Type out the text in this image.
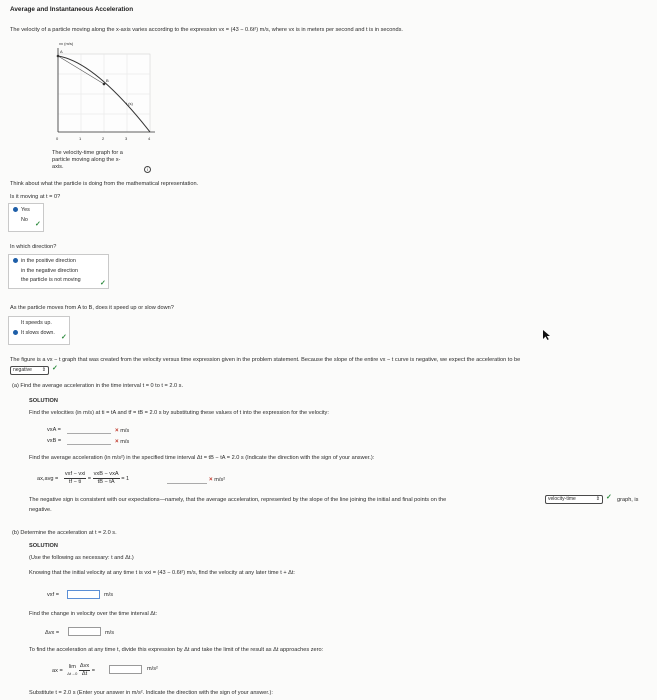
Average and Instantaneous Acceleration
The velocity of a particle moving along the x-axis varies according to the expression vx = (43 − 0.6t²) m/s, where vx is in meters per second and t is in seconds.
vx (m/s)
t (s)
A
B
0	1	2	3	4
The velocity-time graph for a
particle moving along the x-
axis.	i
Think about what the particle is doing from the mathematical representation.
Is it moving at t = 0?
Yes
No
✓
In which direction?
in the positive direction
in the negative direction
the particle is not moving	✓
As the particle moves from A to B, does it speed up or slow down?
It speeds up.
It slows down.
✓
The figure is a vx − t graph that was created from the velocity versus time expression given in the problem statement. Because the slope of the entire vx − t curve is negative, we expect the acceleration to be
negative ⇕ ✓
(a) Find the average acceleration in the time interval t = 0 to t = 2.0 s.
SOLUTION
Find the velocities (in m/s) at ti = tA and tf = tB = 2.0 s by substituting these values of t into the expression for the velocity:
vxA =	× m/s
vxB =	× m/s
Find the average acceleration (in m/s²) in the specified time interval Δt = tB − tA = 2.0 s (Indicate the direction with the sign of your answer.):
$ax,avg = \frac{\text{vxf − vxi}}{tf - ti} = \frac{\text{vxB − vxA}}{tB - tA} = 1$	× m/s²
The negative sign is consistent with our expectations—namely, that the average acceleration, represented by the slope of the line joining the initial and final points on the	velocity-time	⇕ ✓ graph, is
negative.
(b) Determine the acceleration at t = 2.0 s.
SOLUTION
(Use the following as necessary: t and Δt.)
Knowing that the initial velocity at any time t is vxi = (43 − 0.6t²) m/s, find the velocity at any later time t + Δt:
vxf =	m/s
Find the change in velocity over the time interval Δt:
Δvx =	m/s
To find the acceleration at any time t, divide this expression by Δt and take the limit of the result as Δt approaches zero:
ax =
lim
Δt→0
$\frac{\text{Δvx}}{\Delta t}$ =	m/s²
Substitute t = 2.0 s (Enter your answer in m/s². Indicate the direction with the sign of your answer.):
